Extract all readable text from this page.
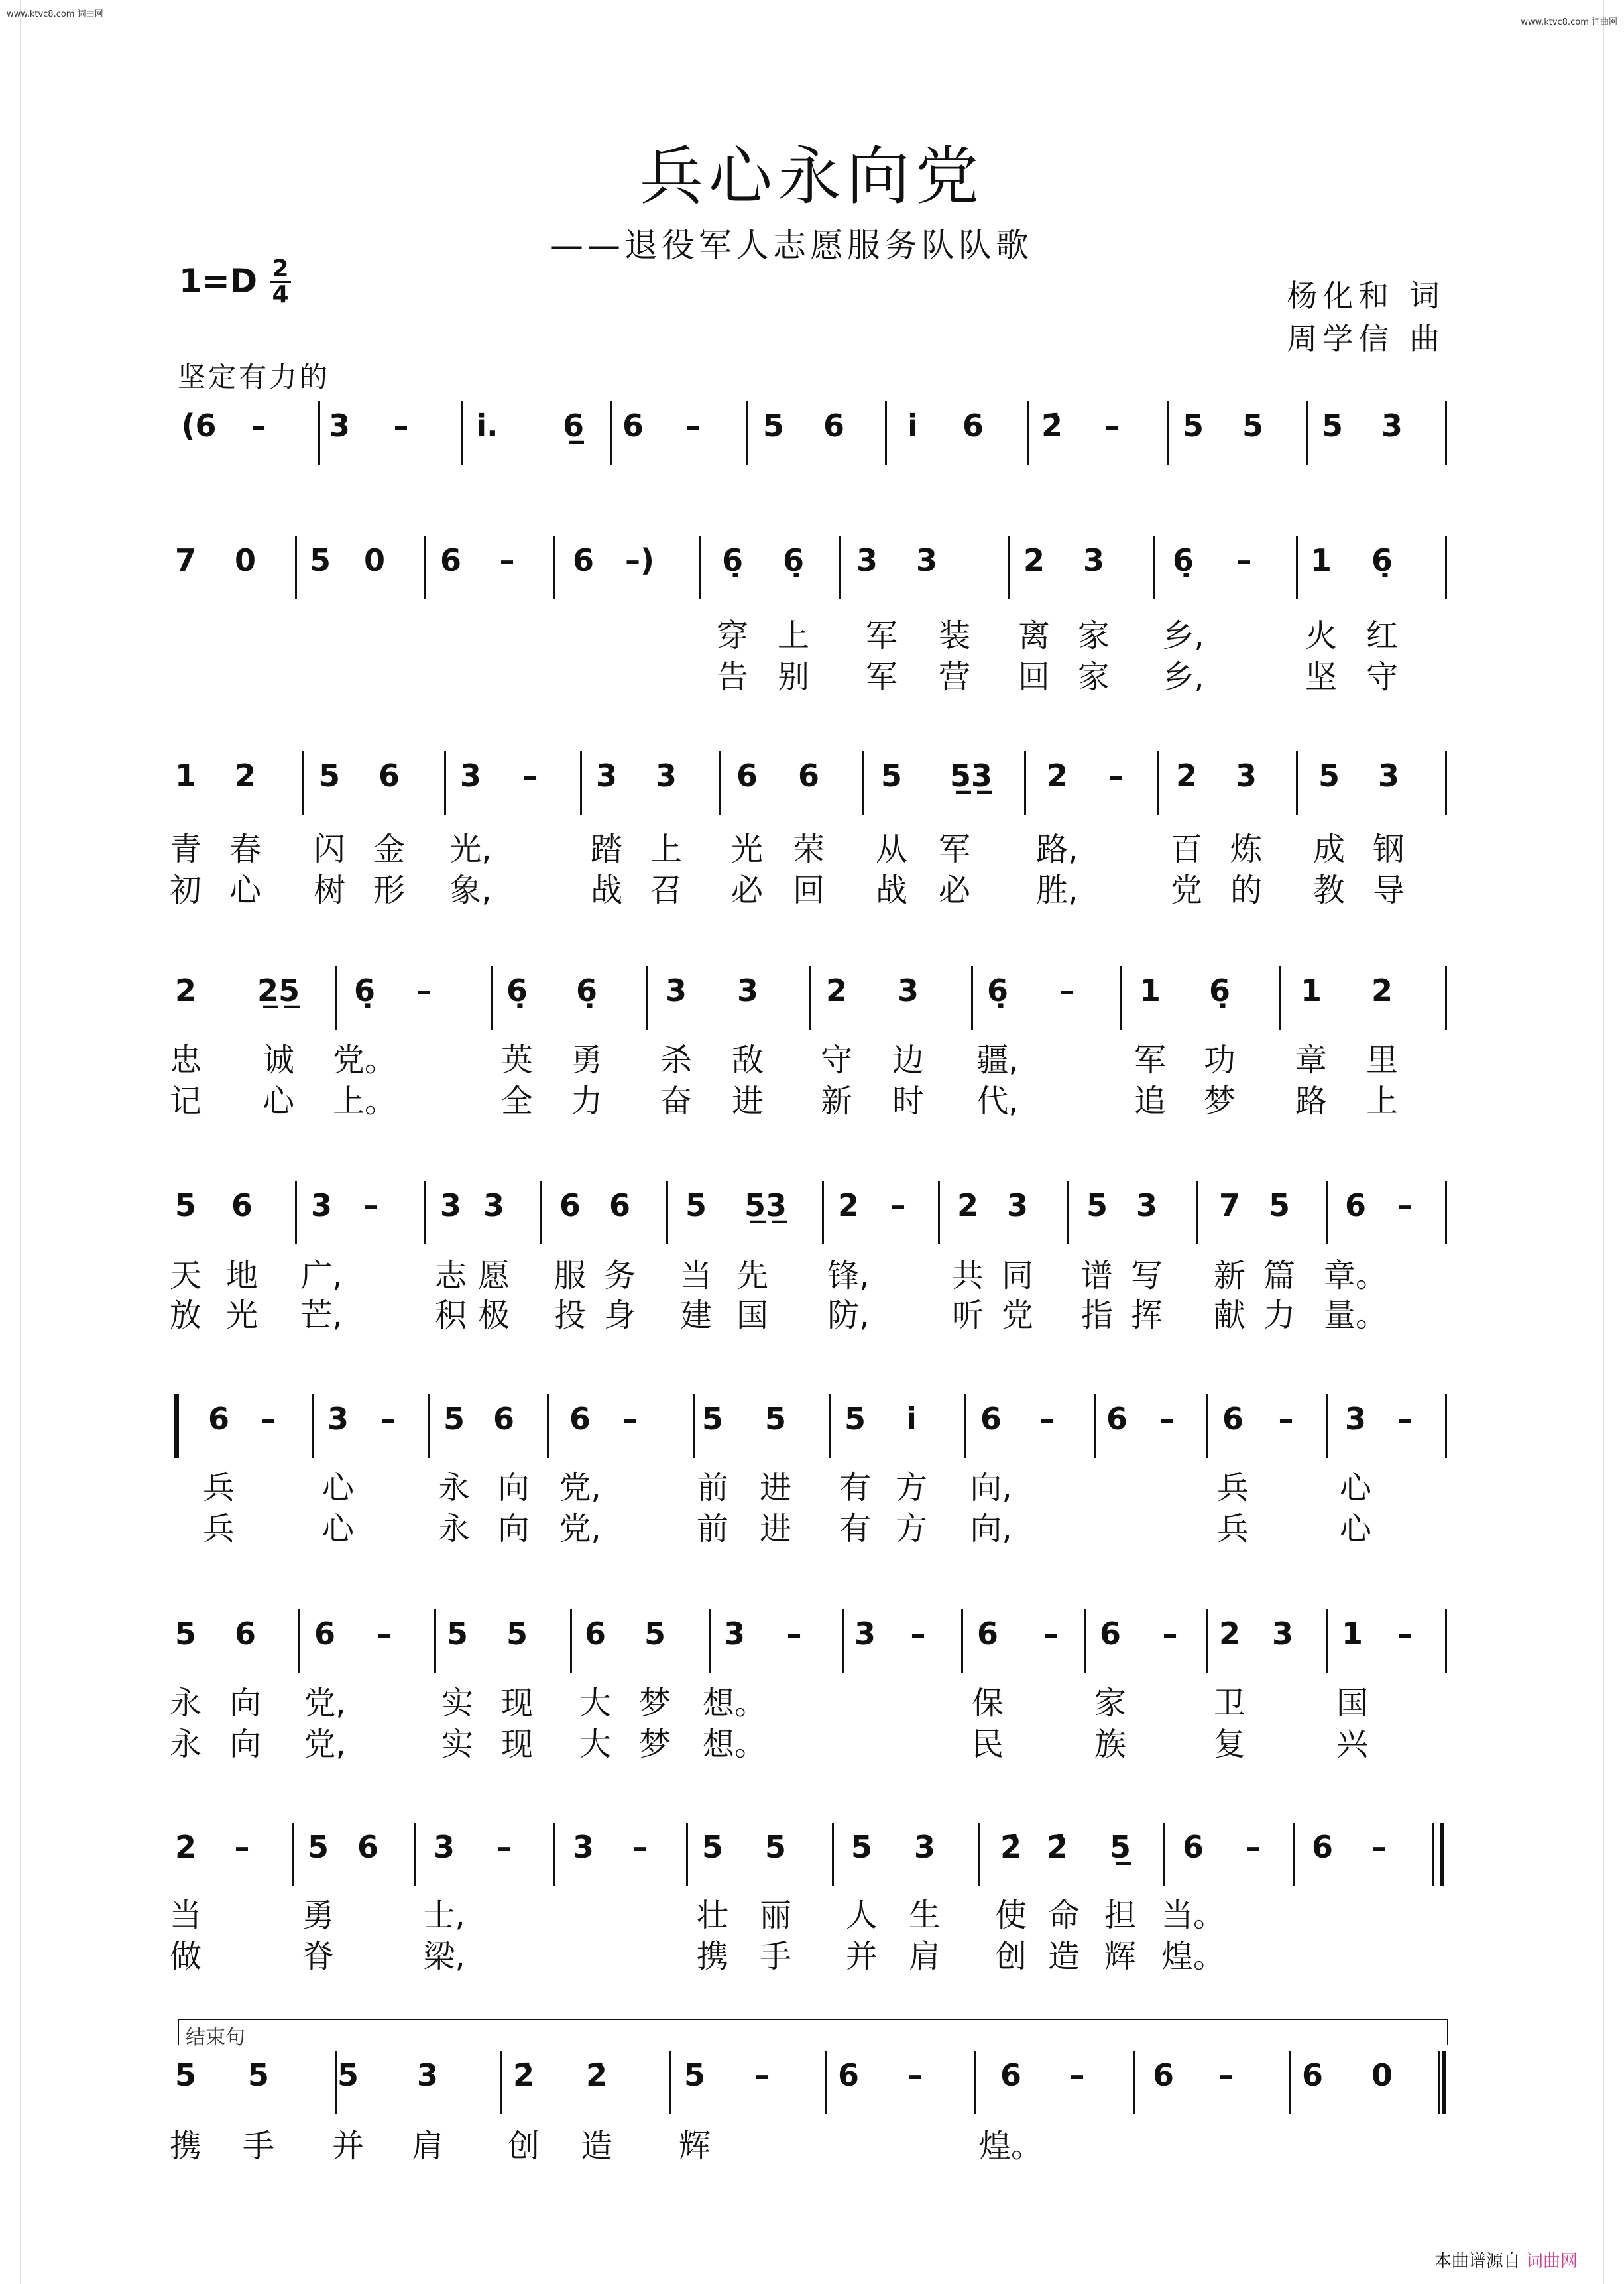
www.ktvc8.com 词曲网
www.ktvc8.com 词曲网
兵心永向党
——退役军人志愿服务队队歌
$1=D \frac{2}{4}$	杨化和 词
周学信 曲
坚定有力的
(6 – 3 – i̇. 6̲ 6 – 5 6 i̇ 6 2̇ – 5 5 5 3
7 0 5 0 6 – 6 –) 6̣ 6̣ 3 3	2 3 6̣ – 1 6̣
穿 上 军 装 离 家 乡,	火 红
告 别 军 营 回 家 乡,	坚 守
1 2 5 6 3 – 3 3 6 6 5 5̲3̲ 2 – 2 3 5 3
青 春 闪 金 光,	踏 上 光 荣 从 军 路,	百 炼 成 钢
初 心 树 形 象,	战 召 必 回 战 必 胜,	党 的 教 导
2 2̲5̲ 6̣ – 6̣ 6̣ 3 3 2 3 6̣ – 1 6̣ 1 2
忠 诚 党。	英 勇 杀 敌 守 边 疆,	军 功 章 里
记 心 上。	全 力 奋 进 新 时 代,	追 梦 路 上
5 6 3 – 3 3 6 6 5 5̲3̲ 2 – 2 3 5 3 7 5 6 –
放 光 芒,	积 极 投 身 建 国 防,	听 党 指 挥 献 力 量。
天 地 广,	志 愿 服 务 当 先 锋,	共 同 谱 写 新 篇 章。
6 – 3 – 5 6 6 – 5 5 5 i̇ 6 – 6 – 6 – 3 –
兵	心	永 向 党,	前 进 有 方 向,	兵	心
兵	心	永 向 党,	前 进 有 方 向,	兵	心
5 6 6 – 5 5 6 5 3 – 3 – 6 – 6 – 2 3 1 –
永 向 党,	实 现 大 梦 想。	保	家	卫	国
永 向 党,	实 现 大 梦 想。	民	族	复	兴
2 – 5 6 3 – 3 – 5 5 5 3 2̇ 2̇ 5̲ 6 – 6 –
当	勇	士,	壮 丽 人 生 使 命 担 当。
做	脊	梁,	携 手 并 肩 创 造 辉 煌。
5 5 5 3 2̇ 2̇	5 – 6 –	6 – 6 – 6 0
携 手 并 肩 创 造 辉	煌。
结束句
本曲谱源自 词曲网
